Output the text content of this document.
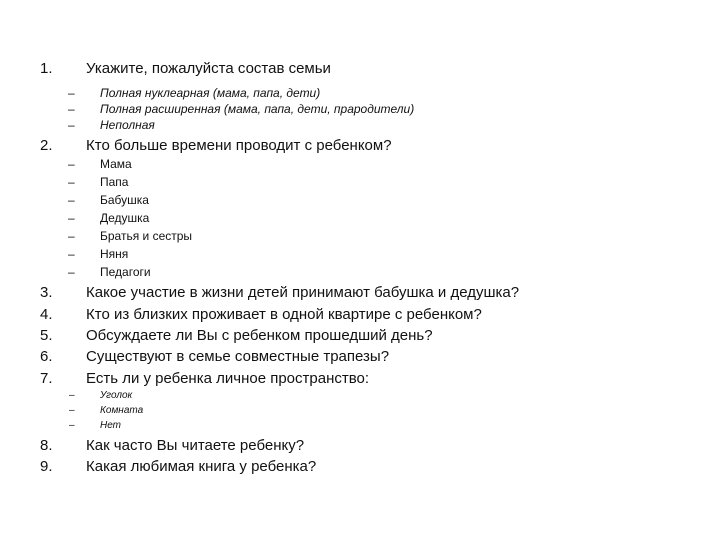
1. Укажите, пожалуйста состав семьи
– Полная нуклеарная (мама, папа, дети)
– Полная расширенная (мама, папа, дети, прародители)
– Неполная
2. Кто больше времени проводит с ребенком?
– Мама
– Папа
– Бабушка
– Дедушка
– Братья и сестры
– Няня
– Педагоги
3. Какое участие в жизни детей принимают бабушка и дедушка?
4. Кто из близких проживает в одной квартире с ребенком?
5. Обсуждаете ли Вы с ребенком прошедший день?
6. Существуют в семье совместные трапезы?
7. Есть ли у ребенка личное пространство:
–	Уголок
–	Комната
–	Нет
8. Как часто Вы читаете ребенку?
9. Какая любимая книга у ребенка?
